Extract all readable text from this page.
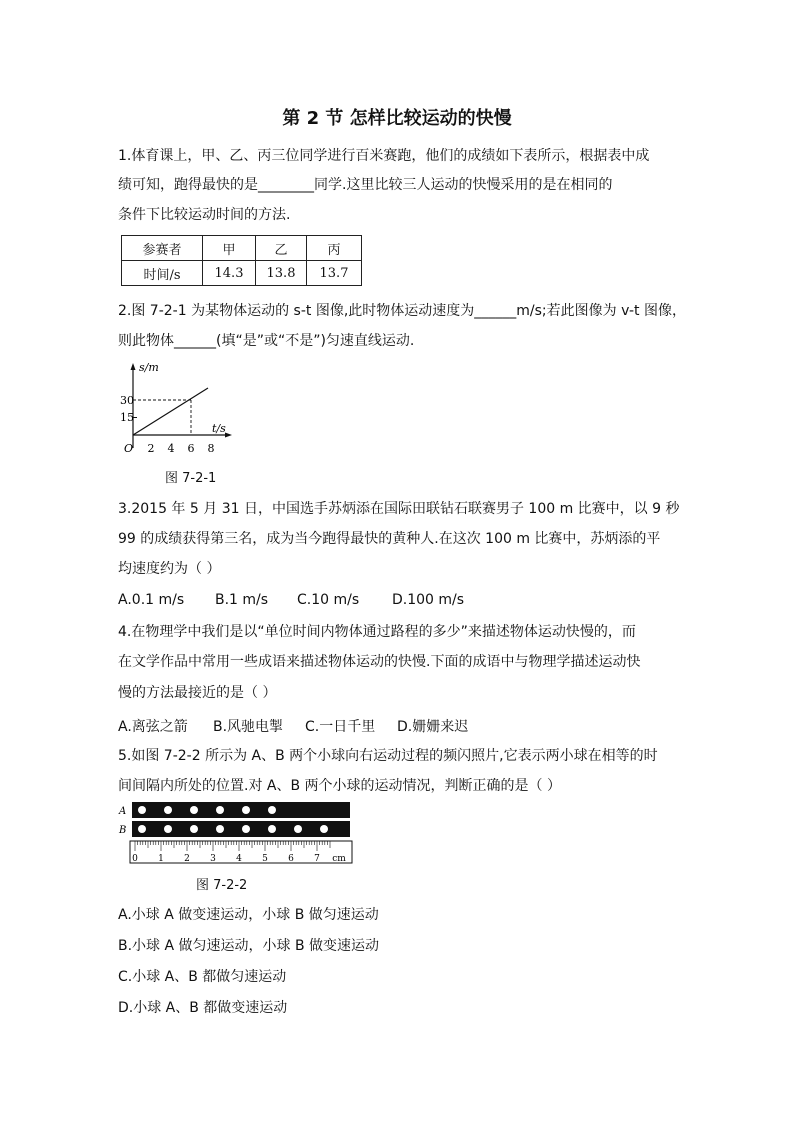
第 2 节 怎样比较运动的快慢
1.体育课上，甲、乙、丙三位同学进行百米赛跑，他们的成绩如下表所示，根据表中成
绩可知，跑得最快的是________同学.这里比较三人运动的快慢采用的是在相同的
条件下比较运动时间的方法.
参赛者	甲	乙	丙
时间/s	14.3	13.8	13.7
2.图 7-2-1 为某物体运动的 s-t 图像,此时物体运动速度为______m/s;若此图像为 v-t 图像，
则此物体______(填“是”或“不是”)匀速直线运动.
s/m
t/s
30
15
O 2 4 6 8
图 7-2-1
3.2015 年 5 月 31 日，中国选手苏炳添在国际田联钻石联赛男子 100 m 比赛中，以 9 秒
99 的成绩获得第三名，成为当今跑得最快的黄种人.在这次 100 m 比赛中，苏炳添的平
均速度约为（ ）
A.0.1 m/s B.1 m/s C.10 m/s D.100 m/s
4.在物理学中我们是以“单位时间内物体通过路程的多少”来描述物体运动快慢的，而
在文学作品中常用一些成语来描述物体运动的快慢.下面的成语中与物理学描述运动快
慢的方法最接近的是（ ）
A.离弦之箭 B.风驰电掣 C.一日千里 D.姗姗来迟
5.如图 7-2-2 所示为 A、B 两个小球向右运动过程的频闪照片,它表示两小球在相等的时
间间隔内所处的位置.对 A、B 两个小球的运动情况，判断正确的是（ ）
A
B
0 1 2 3 4 5 6 7 cm
图 7-2-2
A.小球 A 做变速运动，小球 B 做匀速运动
B.小球 A 做匀速运动，小球 B 做变速运动
C.小球 A、B 都做匀速运动
D.小球 A、B 都做变速运动
